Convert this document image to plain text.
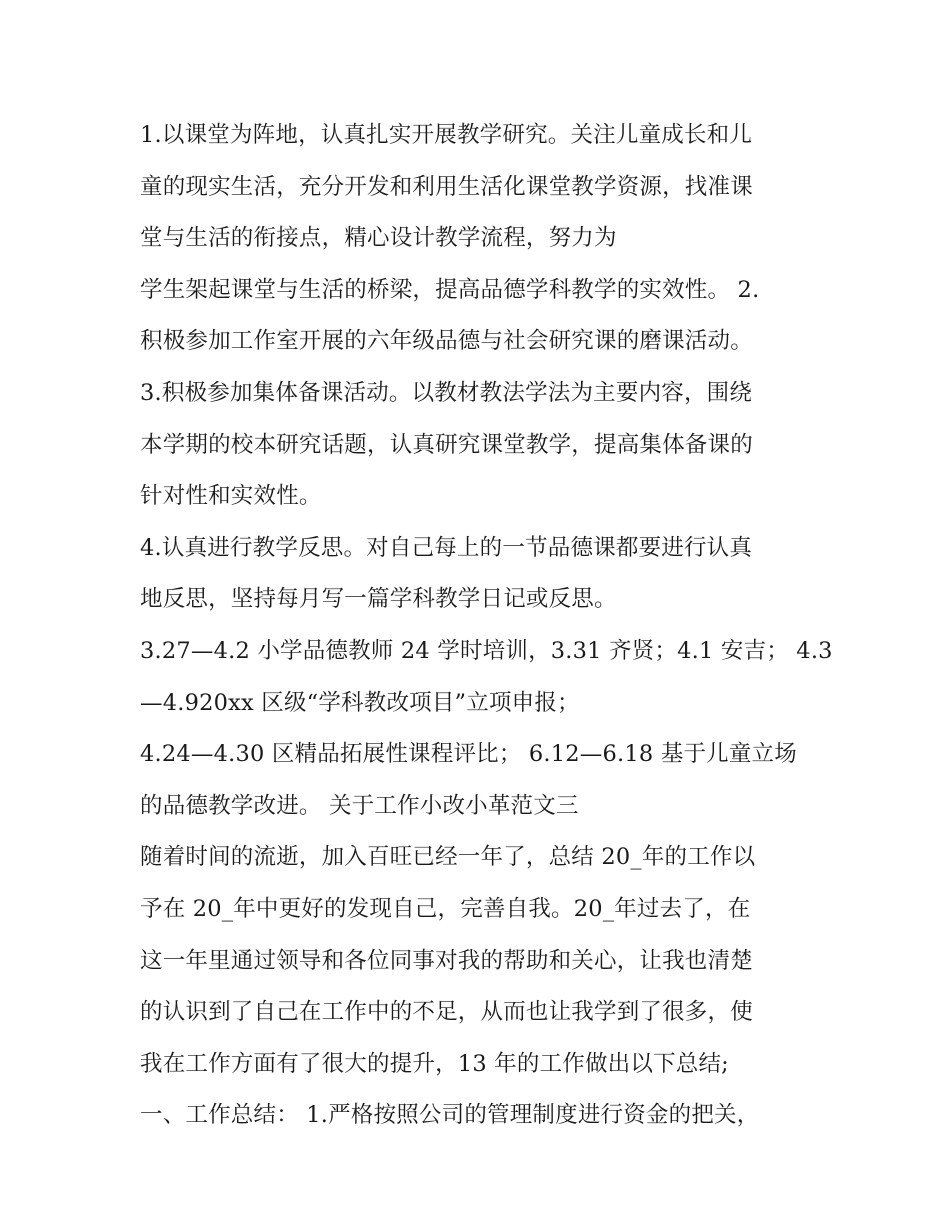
1.以课堂为阵地，认真扎实开展教学研究。关注儿童成长和儿
童的现实生活，充分开发和利用生活化课堂教学资源，找准课
堂与生活的衔接点，精心设计教学流程，努力为
学生架起课堂与生活的桥梁，提高品德学科教学的实效性。 2.
积极参加工作室开展的六年级品德与社会研究课的磨课活动。
3.积极参加集体备课活动。以教材教法学法为主要内容，围绕
本学期的校本研究话题，认真研究课堂教学，提高集体备课的
针对性和实效性。
4.认真进行教学反思。对自己每上的一节品德课都要进行认真
地反思，坚持每月写一篇学科教学日记或反思。
3.27—4.2 小学品德教师 24 学时培训，3.31 齐贤；4.1 安吉； 4.3
—4.920xx 区级“学科教改项目”立项申报；
4.24—4.30 区精品拓展性课程评比； 6.12—6.18 基于儿童立场
的品德教学改进。 关于工作小改小革范文三
随着时间的流逝，加入百旺已经一年了，总结 20_年的工作以
予在 20_年中更好的发现自己，完善自我。20_年过去了，在
这一年里通过领导和各位同事对我的帮助和关心，让我也清楚
的认识到了自己在工作中的不足，从而也让我学到了很多，使
我在工作方面有了很大的提升，13 年的工作做出以下总结;
一、工作总结： 1.严格按照公司的管理制度进行资金的把关，
